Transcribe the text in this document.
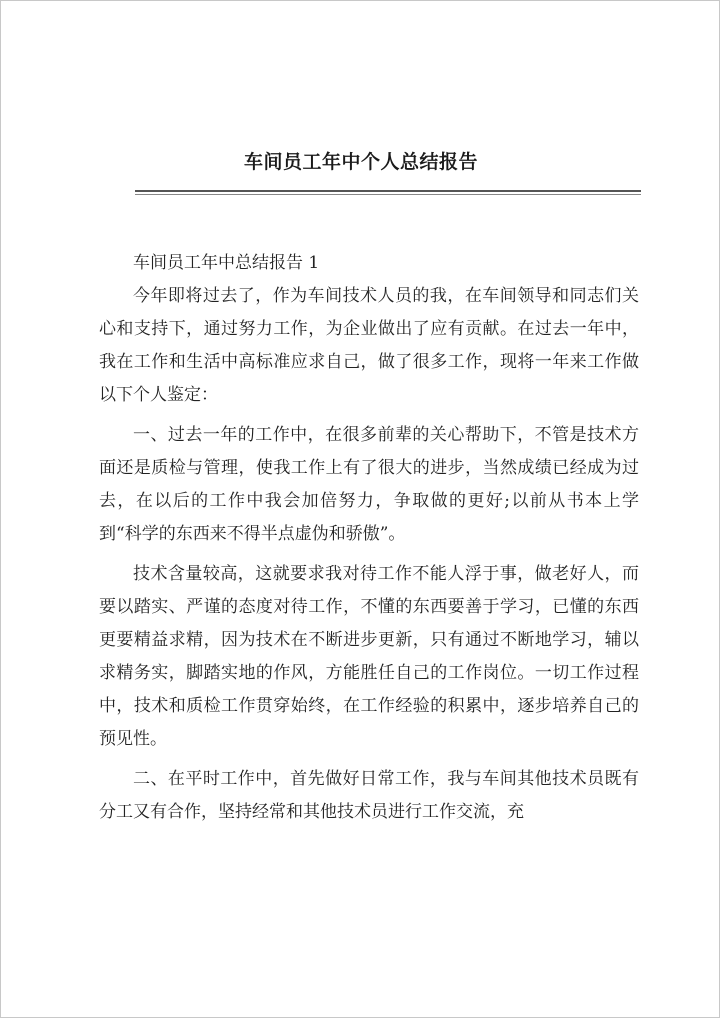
车间员工年中个人总结报告

车间员工年中总结报告 1

今年即将过去了，作为车间技术人员的我，在车间领导和同志们关心和支持下，通过努力工作，为企业做出了应有贡献。在过去一年中，我在工作和生活中高标准应求自己，做了很多工作，现将一年来工作做以下个人鉴定：

一、过去一年的工作中，在很多前辈的关心帮助下，不管是技术方面还是质检与管理，使我工作上有了很大的进步，当然成绩已经成为过去，在以后的工作中我会加倍努力，争取做的更好;以前从书本上学到“科学的东西来不得半点虚伪和骄傲”。

技术含量较高，这就要求我对待工作不能人浮于事，做老好人，而要以踏实、严谨的态度对待工作，不懂的东西要善于学习，已懂的东西更要精益求精，因为技术在不断进步更新，只有通过不断地学习，辅以求精务实，脚踏实地的作风，方能胜任自己的工作岗位。一切工作过程中，技术和质检工作贯穿始终，在工作经验的积累中，逐步培养自己的预见性。

二、在平时工作中，首先做好日常工作，我与车间其他技术员既有分工又有合作，坚持经常和其他技术员进行工作交流，充
